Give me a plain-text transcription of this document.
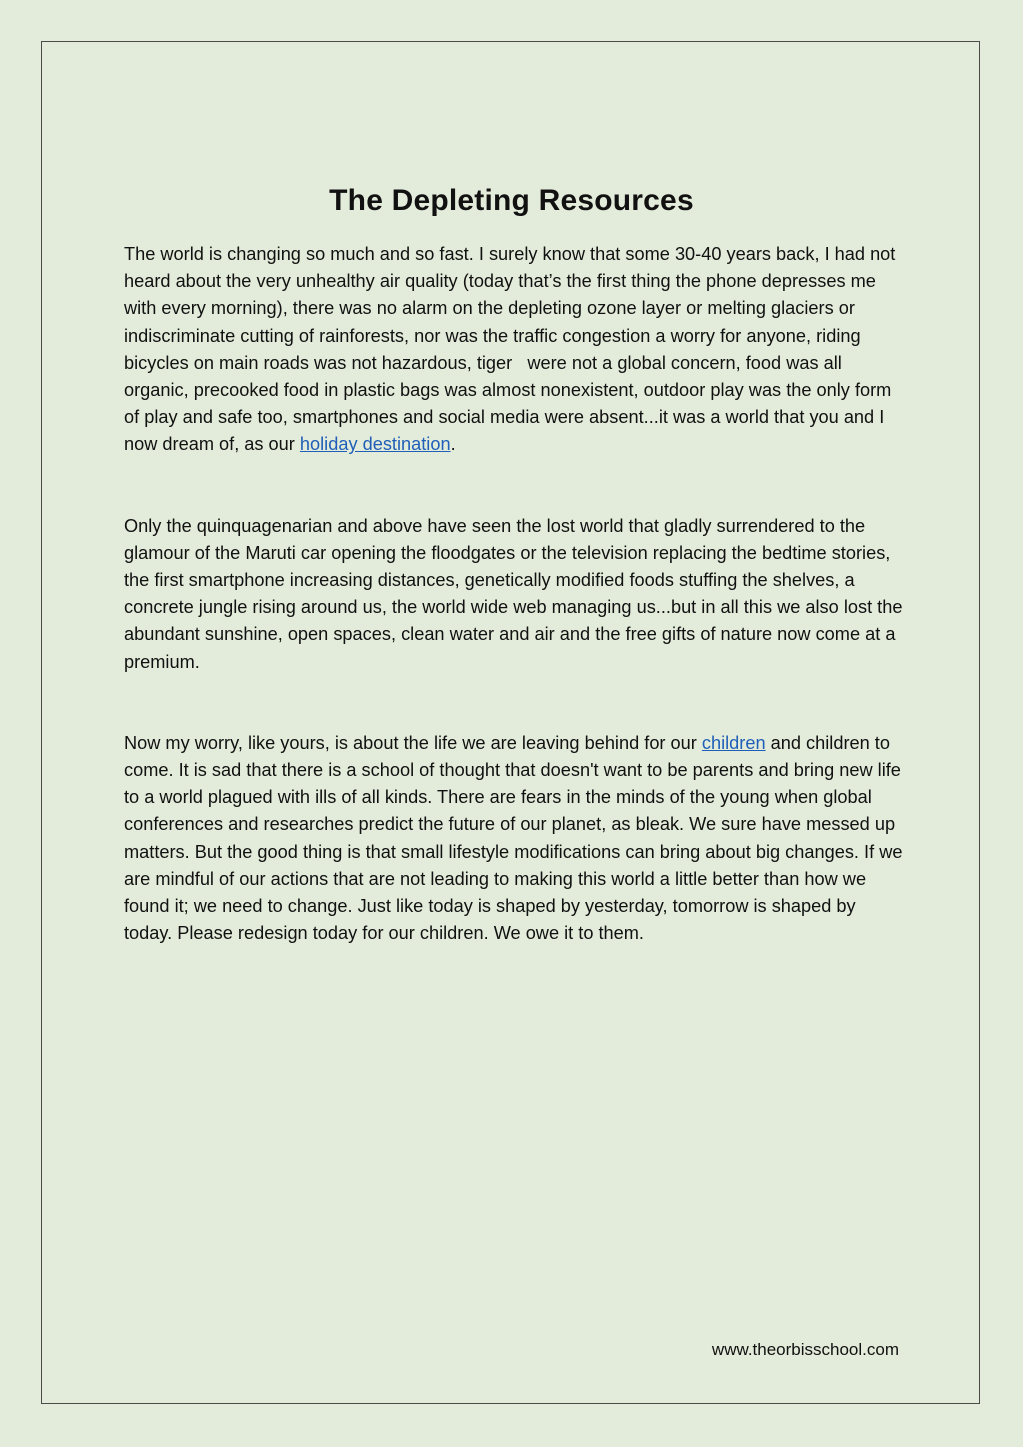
The Depleting Resources

The world is changing so much and so fast. I surely know that some 30-40 years back, I had not heard about the very unhealthy air quality (today that’s the first thing the phone depresses me with every morning), there was no alarm on the depleting ozone layer or melting glaciers or indiscriminate cutting of rainforests, nor was the traffic congestion a worry for anyone, riding bicycles on main roads was not hazardous, tiger   were not a global concern, food was all organic, precooked food in plastic bags was almost nonexistent, outdoor play was the only form of play and safe too, smartphones and social media were absent...it was a world that you and I now dream of, as our holiday destination.

Only the quinquagenarian and above have seen the lost world that gladly surrendered to the glamour of the Maruti car opening the floodgates or the television replacing the bedtime stories, the first smartphone increasing distances, genetically modified foods stuffing the shelves, a concrete jungle rising around us, the world wide web managing us...but in all this we also lost the abundant sunshine, open spaces, clean water and air and the free gifts of nature now come at a premium.

Now my worry, like yours, is about the life we are leaving behind for our children and children to come. It is sad that there is a school of thought that doesn't want to be parents and bring new life to a world plagued with ills of all kinds. There are fears in the minds of the young when global conferences and researches predict the future of our planet, as bleak. We sure have messed up matters. But the good thing is that small lifestyle modifications can bring about big changes. If we are mindful of our actions that are not leading to making this world a little better than how we found it; we need to change. Just like today is shaped by yesterday, tomorrow is shaped by today. Please redesign today for our children. We owe it to them.

www.theorbisschool.com
